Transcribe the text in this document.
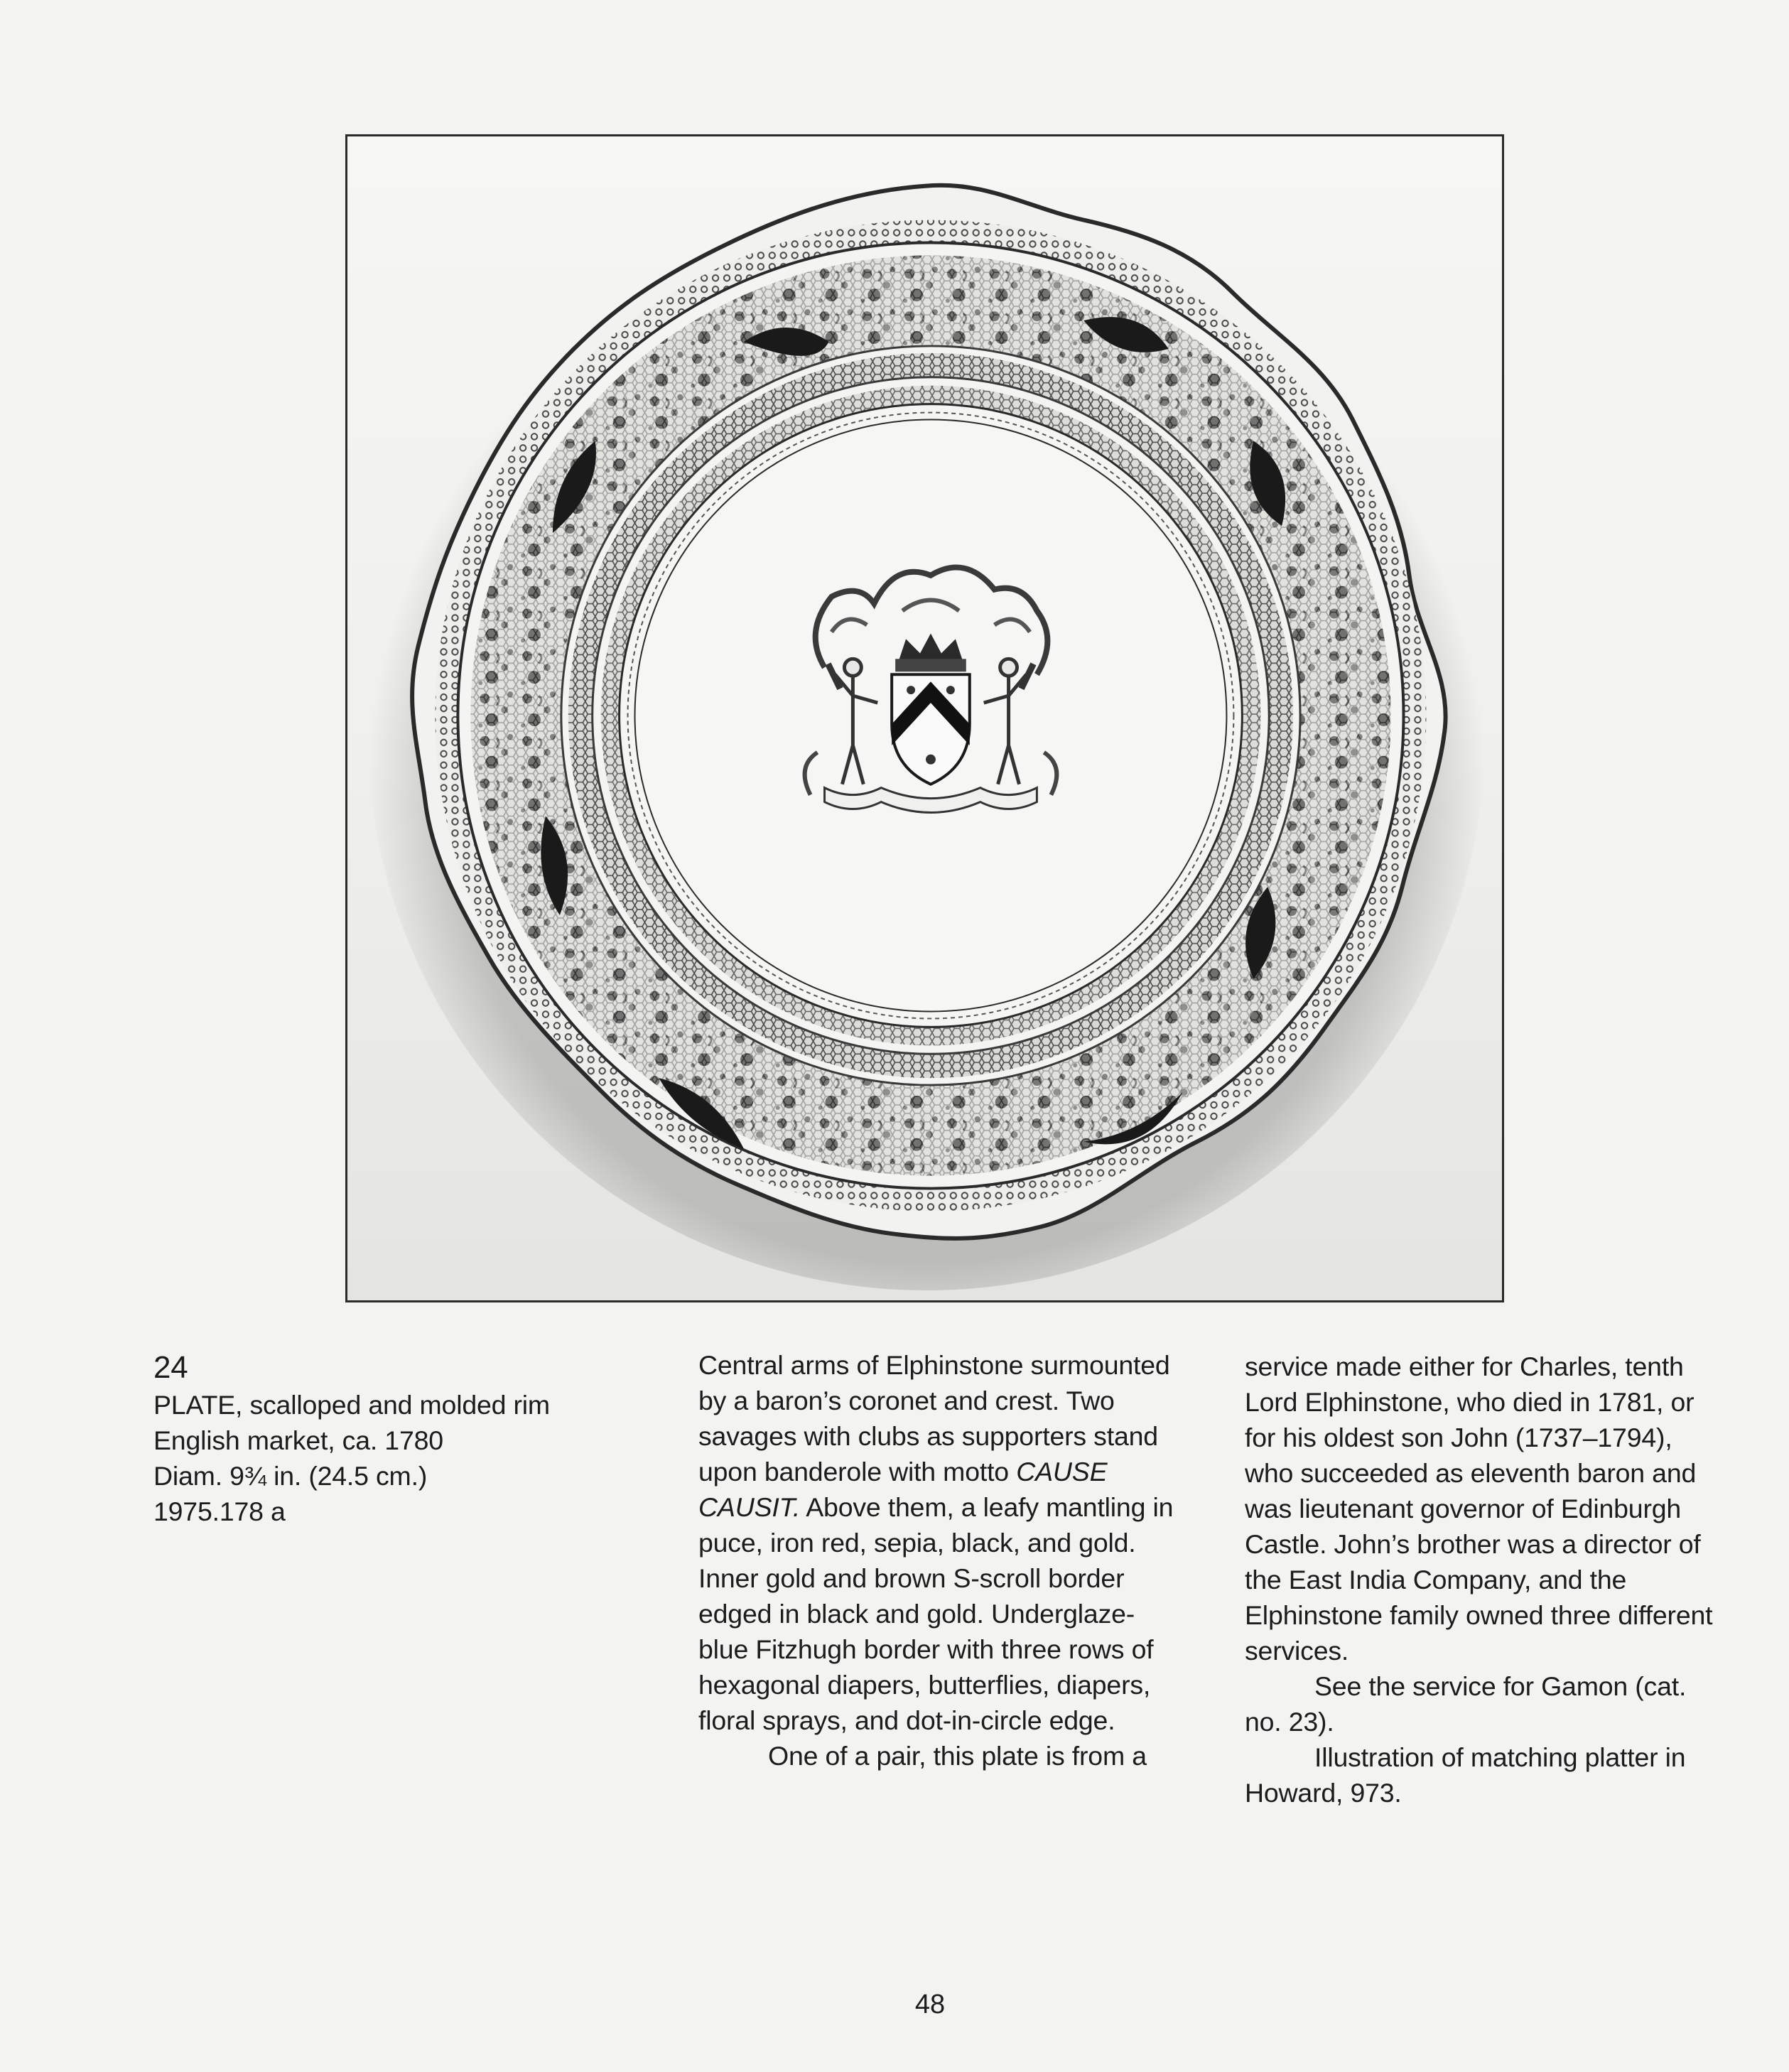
24

PLATE, scalloped and molded rim

English market, ca. 1780

Diam. 9¾ in. (24.5 cm.)

1975.178 a

Central arms of Elphinstone surmounted by a baron’s coronet and crest. Two savages with clubs as supporters stand upon banderole with motto CAUSE CAUSIT. Above them, a leafy mantling in puce, iron red, sepia, black, and gold. Inner gold and brown S-scroll border edged in black and gold. Underglaze-blue Fitzhugh border with three rows of hexagonal diapers, butterflies, diapers, floral sprays, and dot-in-circle edge.

One of a pair, this plate is from a

service made either for Charles, tenth Lord Elphinstone, who died in 1781, or for his oldest son John (1737–1794), who succeeded as eleventh baron and was lieutenant governor of Edinburgh Castle. John’s brother was a director of the East India Company, and the Elphinstone family owned three different services.

See the service for Gamon (cat. no. 23).

Illustration of matching platter in Howard, 973.

48
